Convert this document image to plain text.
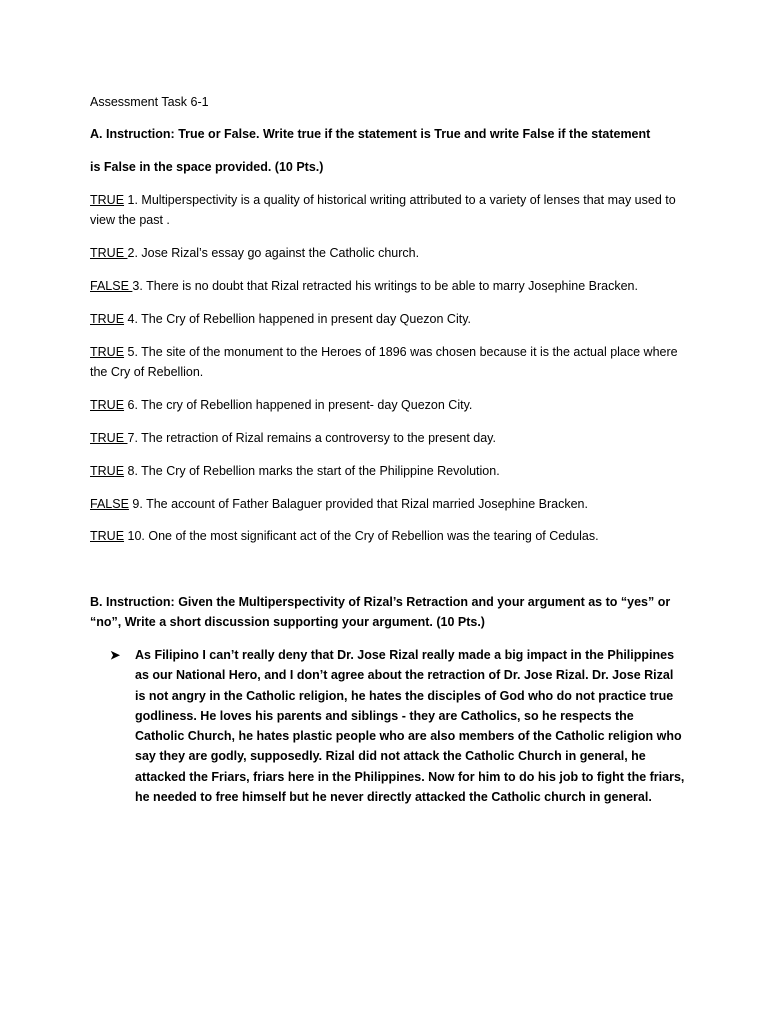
Assessment Task 6-1
A. Instruction: True or False. Write true if the statement is True and write False if the statement
is False in the space provided. (10 Pts.)
TRUE 1. Multiperspectivity is a quality of historical writing attributed to a variety of lenses that may used to view the past .
TRUE 2. Jose Rizal’s essay go against the Catholic church.
FALSE 3. There is no doubt that Rizal retracted his writings to be able to marry Josephine Bracken.
TRUE 4. The Cry of Rebellion happened in present day Quezon City.
TRUE 5. The site of the monument to the Heroes of 1896 was chosen because it is the actual place where the Cry of Rebellion.
TRUE 6. The cry of Rebellion happened in present- day Quezon City.
TRUE 7. The retraction of Rizal remains a controversy to the present day.
TRUE 8. The Cry of Rebellion marks the start of the Philippine Revolution.
FALSE 9. The account of Father Balaguer provided that Rizal married Josephine Bracken.
TRUE 10. One of the most significant act of the Cry of Rebellion was the tearing of Cedulas.
B. Instruction: Given the Multiperspectivity of Rizal’s Retraction and your argument as to “yes” or
“no”, Write a short discussion supporting your argument. (10 Pts.)
➤ As Filipino I can’t really deny that Dr. Jose Rizal really made a big impact in the Philippines as our National Hero, and I don’t agree about the retraction of Dr. Jose Rizal. Dr. Jose Rizal is not angry in the Catholic religion, he hates the disciples of God who do not practice true godliness. He loves his parents and siblings - they are Catholics, so he respects the Catholic Church, he hates plastic people who are also members of the Catholic religion who say they are godly, supposedly. Rizal did not attack the Catholic Church in general, he attacked the Friars, friars here in the Philippines. Now for him to do his job to fight the friars, he needed to free himself but he never directly attacked the Catholic church in general.
